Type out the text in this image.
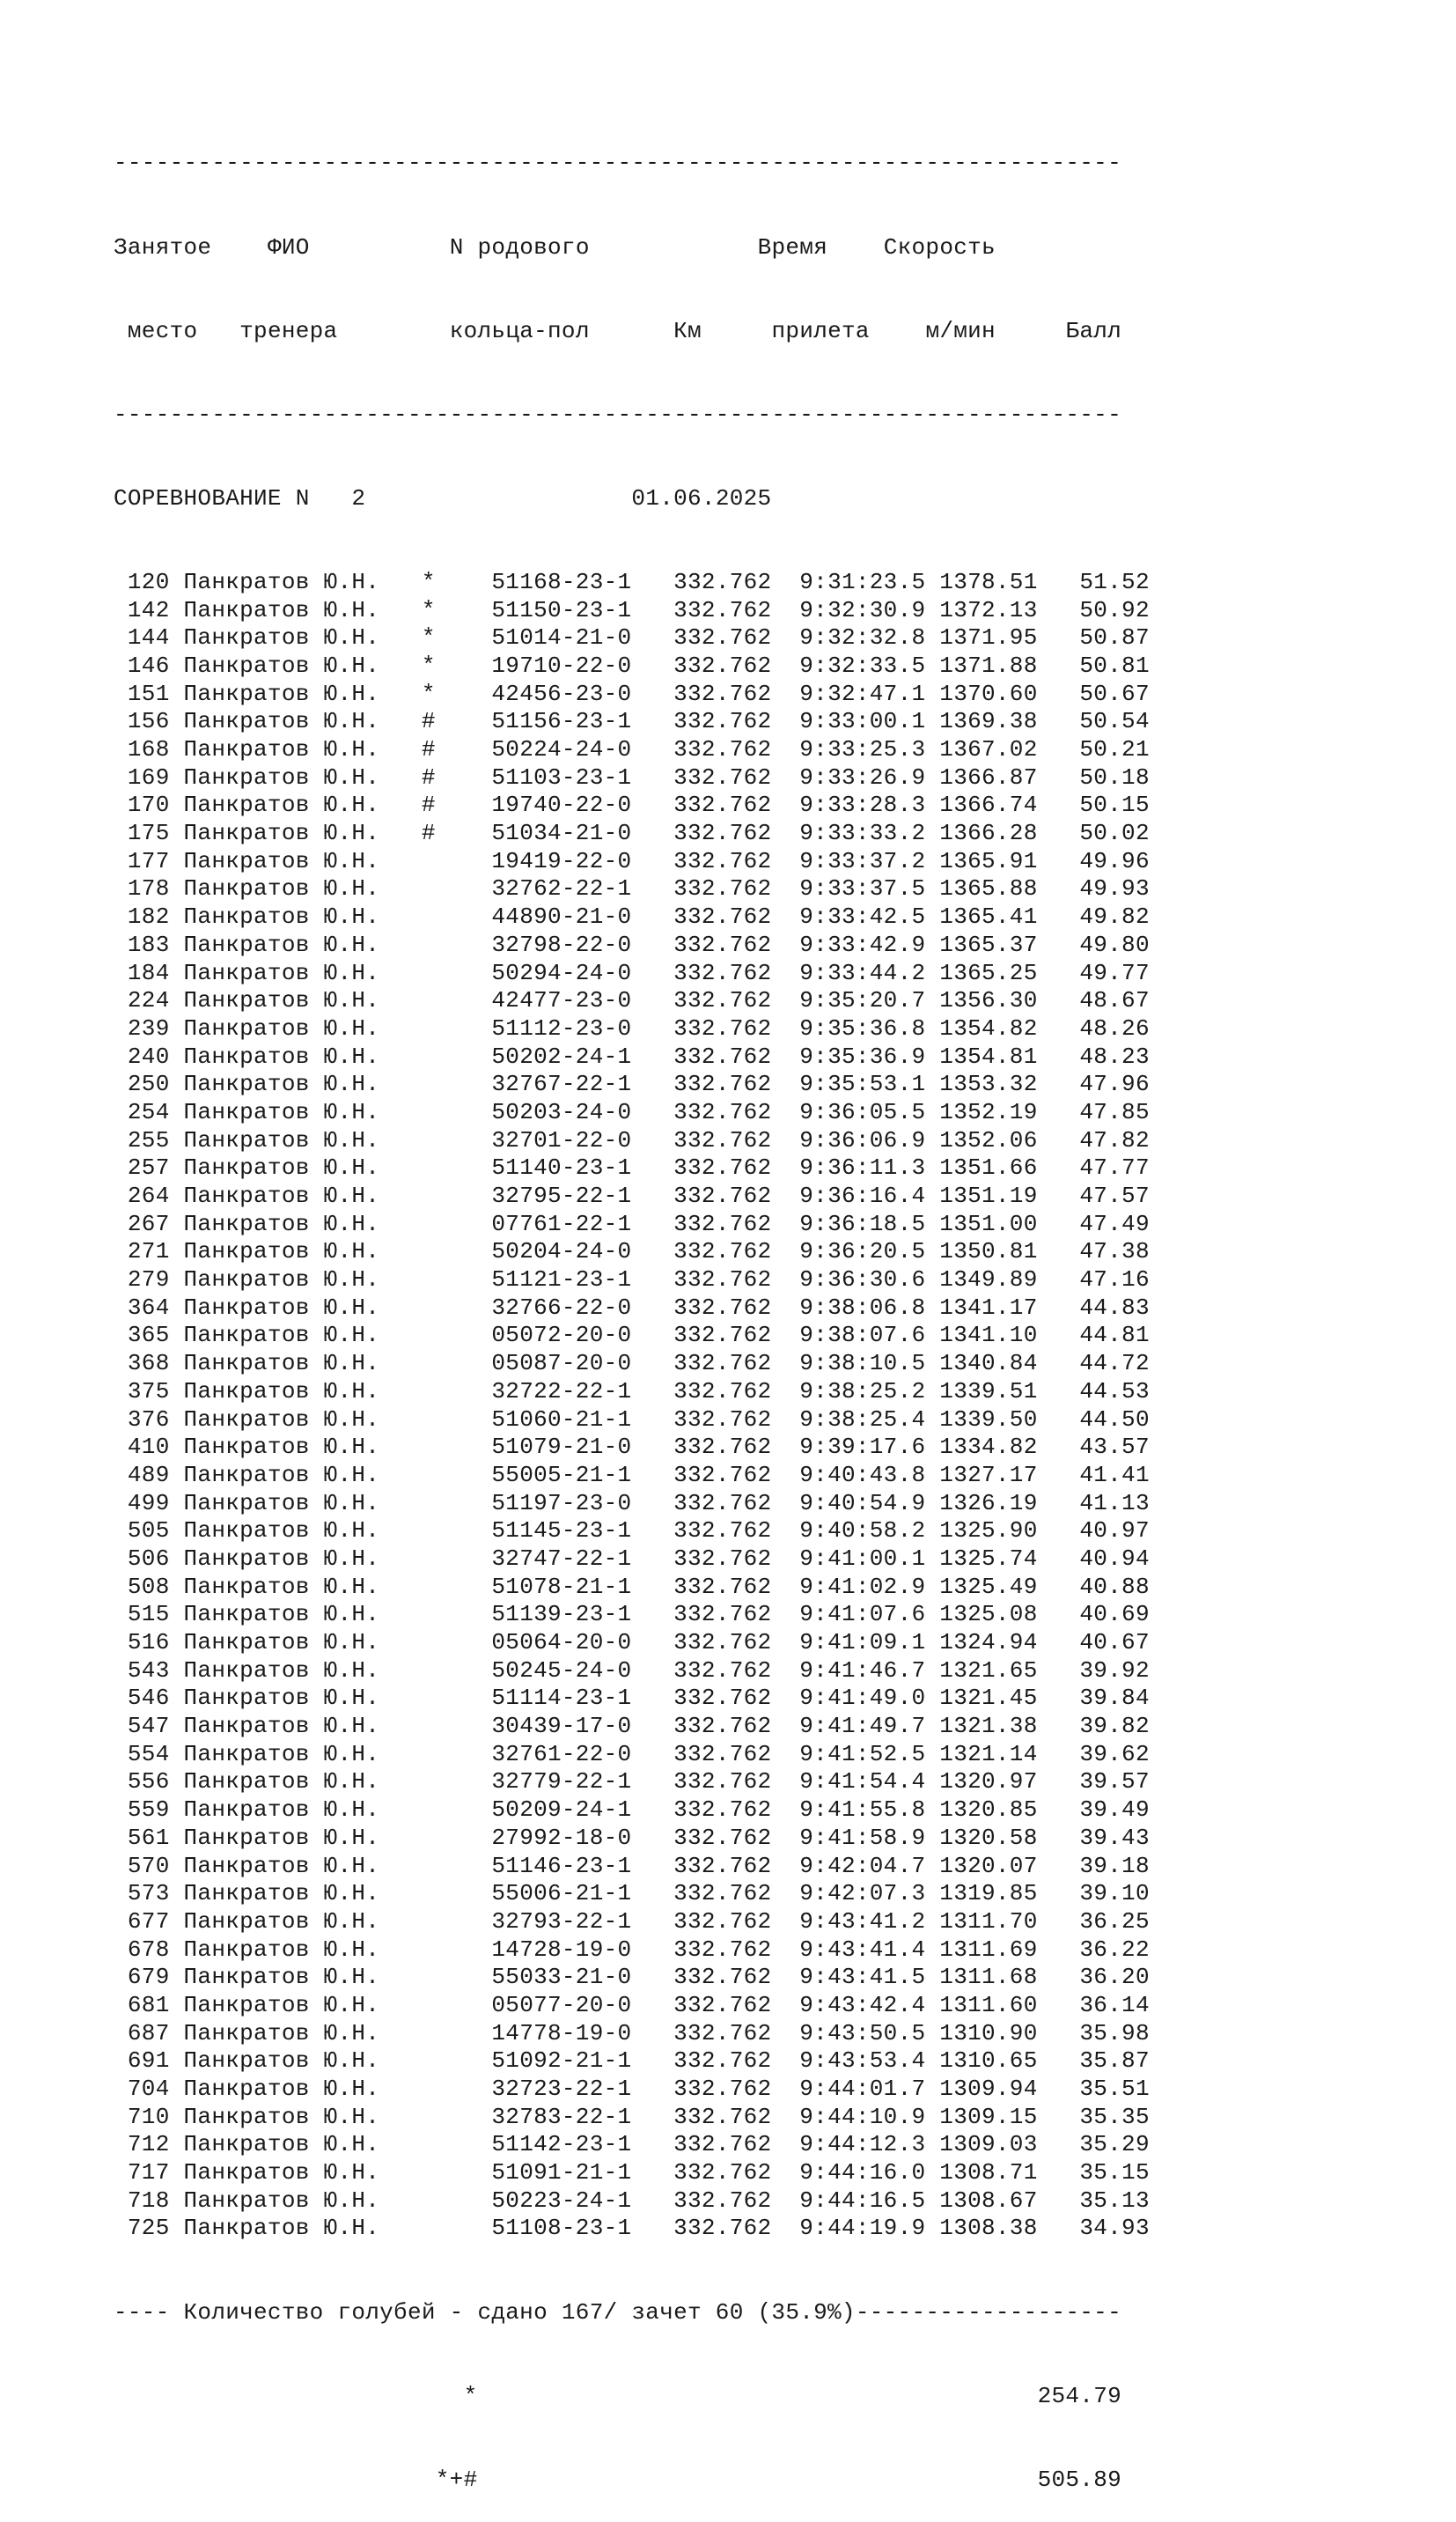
------------------------------------------------------------------------

Занятое ФИО	N родового	Время Скорость

место тренера	кольца-пол	Км	прилета м/мин	Балл

------------------------------------------------------------------------

СОРЕВНОВАНИЕ N 2	01.06.2025

120 Панкратов Ю.Н.   *    51168-23-1   332.762  9:31:23.5 1378.51   51.52
142 Панкратов Ю.Н.   *    51150-23-1   332.762  9:32:30.9 1372.13   50.92
144 Панкратов Ю.Н.   *    51014-21-0   332.762  9:32:32.8 1371.95   50.87
146 Панкратов Ю.Н.   *    19710-22-0   332.762  9:32:33.5 1371.88   50.81
151 Панкратов Ю.Н.   *    42456-23-0   332.762  9:32:47.1 1370.60   50.67
156 Панкратов Ю.Н.   #    51156-23-1   332.762  9:33:00.1 1369.38   50.54
168 Панкратов Ю.Н.   #    50224-24-0   332.762  9:33:25.3 1367.02   50.21
169 Панкратов Ю.Н.   #    51103-23-1   332.762  9:33:26.9 1366.87   50.18
170 Панкратов Ю.Н.   #    19740-22-0   332.762  9:33:28.3 1366.74   50.15
175 Панкратов Ю.Н.   #    51034-21-0   332.762  9:33:33.2 1366.28   50.02
177 Панкратов Ю.Н.	19419-22-0   332.762  9:33:37.2 1365.91   49.96
178 Панкратов Ю.Н.	32762-22-1   332.762  9:33:37.5 1365.88   49.93
182 Панкратов Ю.Н.	44890-21-0   332.762  9:33:42.5 1365.41   49.82
183 Панкратов Ю.Н.	32798-22-0   332.762  9:33:42.9 1365.37   49.80
184 Панкратов Ю.Н.	50294-24-0   332.762  9:33:44.2 1365.25   49.77
224 Панкратов Ю.Н.	42477-23-0   332.762  9:35:20.7 1356.30   48.67
239 Панкратов Ю.Н.	51112-23-0   332.762  9:35:36.8 1354.82   48.26
240 Панкратов Ю.Н.	50202-24-1   332.762  9:35:36.9 1354.81   48.23
250 Панкратов Ю.Н.	32767-22-1   332.762  9:35:53.1 1353.32   47.96
254 Панкратов Ю.Н.	50203-24-0   332.762  9:36:05.5 1352.19   47.85
255 Панкратов Ю.Н.	32701-22-0   332.762  9:36:06.9 1352.06   47.82
257 Панкратов Ю.Н.	51140-23-1   332.762  9:36:11.3 1351.66   47.77
264 Панкратов Ю.Н.	32795-22-1   332.762  9:36:16.4 1351.19   47.57
267 Панкратов Ю.Н.	07761-22-1   332.762  9:36:18.5 1351.00   47.49
271 Панкратов Ю.Н.	50204-24-0   332.762  9:36:20.5 1350.81   47.38
279 Панкратов Ю.Н.	51121-23-1   332.762  9:36:30.6 1349.89   47.16
364 Панкратов Ю.Н.	32766-22-0   332.762  9:38:06.8 1341.17   44.83
365 Панкратов Ю.Н.	05072-20-0   332.762  9:38:07.6 1341.10   44.81
368 Панкратов Ю.Н.	05087-20-0   332.762  9:38:10.5 1340.84   44.72
375 Панкратов Ю.Н.	32722-22-1   332.762  9:38:25.2 1339.51   44.53
376 Панкратов Ю.Н.	51060-21-1   332.762  9:38:25.4 1339.50   44.50
410 Панкратов Ю.Н.	51079-21-0   332.762  9:39:17.6 1334.82   43.57
489 Панкратов Ю.Н.	55005-21-1   332.762  9:40:43.8 1327.17   41.41
499 Панкратов Ю.Н.	51197-23-0   332.762  9:40:54.9 1326.19   41.13
505 Панкратов Ю.Н.	51145-23-1   332.762  9:40:58.2 1325.90   40.97
506 Панкратов Ю.Н.	32747-22-1   332.762  9:41:00.1 1325.74   40.94
508 Панкратов Ю.Н.	51078-21-1   332.762  9:41:02.9 1325.49   40.88
515 Панкратов Ю.Н.	51139-23-1   332.762  9:41:07.6 1325.08   40.69
516 Панкратов Ю.Н.	05064-20-0   332.762  9:41:09.1 1324.94   40.67
543 Панкратов Ю.Н.	50245-24-0   332.762  9:41:46.7 1321.65   39.92
546 Панкратов Ю.Н.	51114-23-1   332.762  9:41:49.0 1321.45   39.84
547 Панкратов Ю.Н.	30439-17-0   332.762  9:41:49.7 1321.38   39.82
554 Панкратов Ю.Н.	32761-22-0   332.762  9:41:52.5 1321.14   39.62
556 Панкратов Ю.Н.	32779-22-1   332.762  9:41:54.4 1320.97   39.57
559 Панкратов Ю.Н.	50209-24-1   332.762  9:41:55.8 1320.85   39.49
561 Панкратов Ю.Н.	27992-18-0   332.762  9:41:58.9 1320.58   39.43
570 Панкратов Ю.Н.	51146-23-1   332.762  9:42:04.7 1320.07   39.18
573 Панкратов Ю.Н.	55006-21-1   332.762  9:42:07.3 1319.85   39.10
677 Панкратов Ю.Н.	32793-22-1   332.762  9:43:41.2 1311.70   36.25
678 Панкратов Ю.Н.	14728-19-0   332.762  9:43:41.4 1311.69   36.22
679 Панкратов Ю.Н.	55033-21-0   332.762  9:43:41.5 1311.68   36.20
681 Панкратов Ю.Н.	05077-20-0   332.762  9:43:42.4 1311.60   36.14
687 Панкратов Ю.Н.	14778-19-0   332.762  9:43:50.5 1310.90   35.98
691 Панкратов Ю.Н.	51092-21-1   332.762  9:43:53.4 1310.65   35.87
704 Панкратов Ю.Н.	32723-22-1   332.762  9:44:01.7 1309.94   35.51
710 Панкратов Ю.Н.	32783-22-1   332.762  9:44:10.9 1309.15   35.35
712 Панкратов Ю.Н.	51142-23-1   332.762  9:44:12.3 1309.03   35.29
717 Панкратов Ю.Н.	51091-21-1   332.762  9:44:16.0 1308.71   35.15
718 Панкратов Ю.Н.	50223-24-1   332.762  9:44:16.5 1308.67   35.13
725 Панкратов Ю.Н.	51108-23-1   332.762  9:44:19.9 1308.38   34.93

---- Количество голубей - сдано 167/ зачет 60 (35.9%)-------------------

*	254.79

*+#	505.89
